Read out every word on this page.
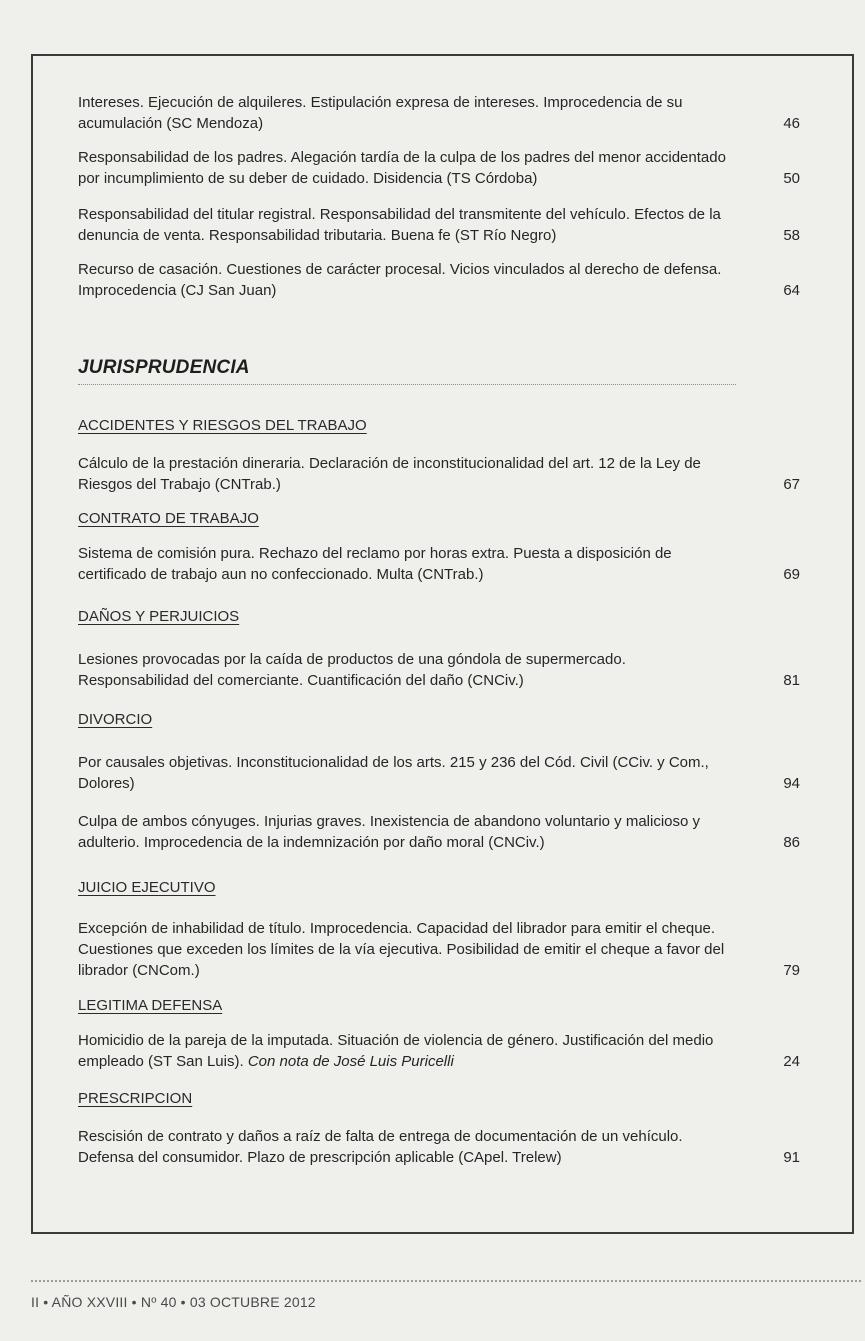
Intereses. Ejecución de alquileres. Estipulación expresa de intereses. Improcedencia de su acumulación (SC Mendoza)	46
Responsabilidad de los padres. Alegación tardía de la culpa de los padres del menor accidentado por incumplimiento de su deber de cuidado. Disidencia (TS Córdoba)	50
Responsabilidad del titular registral. Responsabilidad del transmitente del vehículo. Efectos de la denuncia de venta. Responsabilidad tributaria. Buena fe (ST Río Negro)	58
Recurso de casación. Cuestiones de carácter procesal. Vicios vinculados al derecho de defensa. Improcedencia (CJ San Juan)	64
JURISPRUDENCIA
ACCIDENTES Y RIESGOS DEL TRABAJO
Cálculo de la prestación dineraria. Declaración de inconstitucionalidad del art. 12 de la Ley de Riesgos del Trabajo (CNTrab.)	67
CONTRATO DE TRABAJO
Sistema de comisión pura. Rechazo del reclamo por horas extra. Puesta a disposición de certificado de trabajo aun no confeccionado. Multa (CNTrab.)	69
DAÑOS Y PERJUICIOS
Lesiones provocadas por la caída de productos de una góndola de supermercado. Responsabilidad del comerciante. Cuantificación del daño (CNCiv.)	81
DIVORCIO
Por causales objetivas. Inconstitucionalidad de los arts. 215 y 236 del Cód. Civil (CCiv. y Com., Dolores)	94
Culpa de ambos cónyuges. Injurias graves. Inexistencia de abandono voluntario y malicioso y adulterio. Improcedencia de la indemnización por daño moral (CNCiv.)	86
JUICIO EJECUTIVO
Excepción de inhabilidad de título. Improcedencia. Capacidad del librador para emitir el cheque. Cuestiones que exceden los límites de la vía ejecutiva. Posibilidad de emitir el cheque a favor del librador (CNCom.)	79
LEGITIMA DEFENSA
Homicidio de la pareja de la imputada. Situación de violencia de género. Justificación del medio empleado (ST San Luis). Con nota de José Luis Puricelli	24
PRESCRIPCION
Rescisión de contrato y daños a raíz de falta de entrega de documentación de un vehículo. Defensa del consumidor. Plazo de prescripción aplicable (CApel. Trelew)	91
II • AÑO XXVIII • Nº 40 • 03 OCTUBRE 2012
